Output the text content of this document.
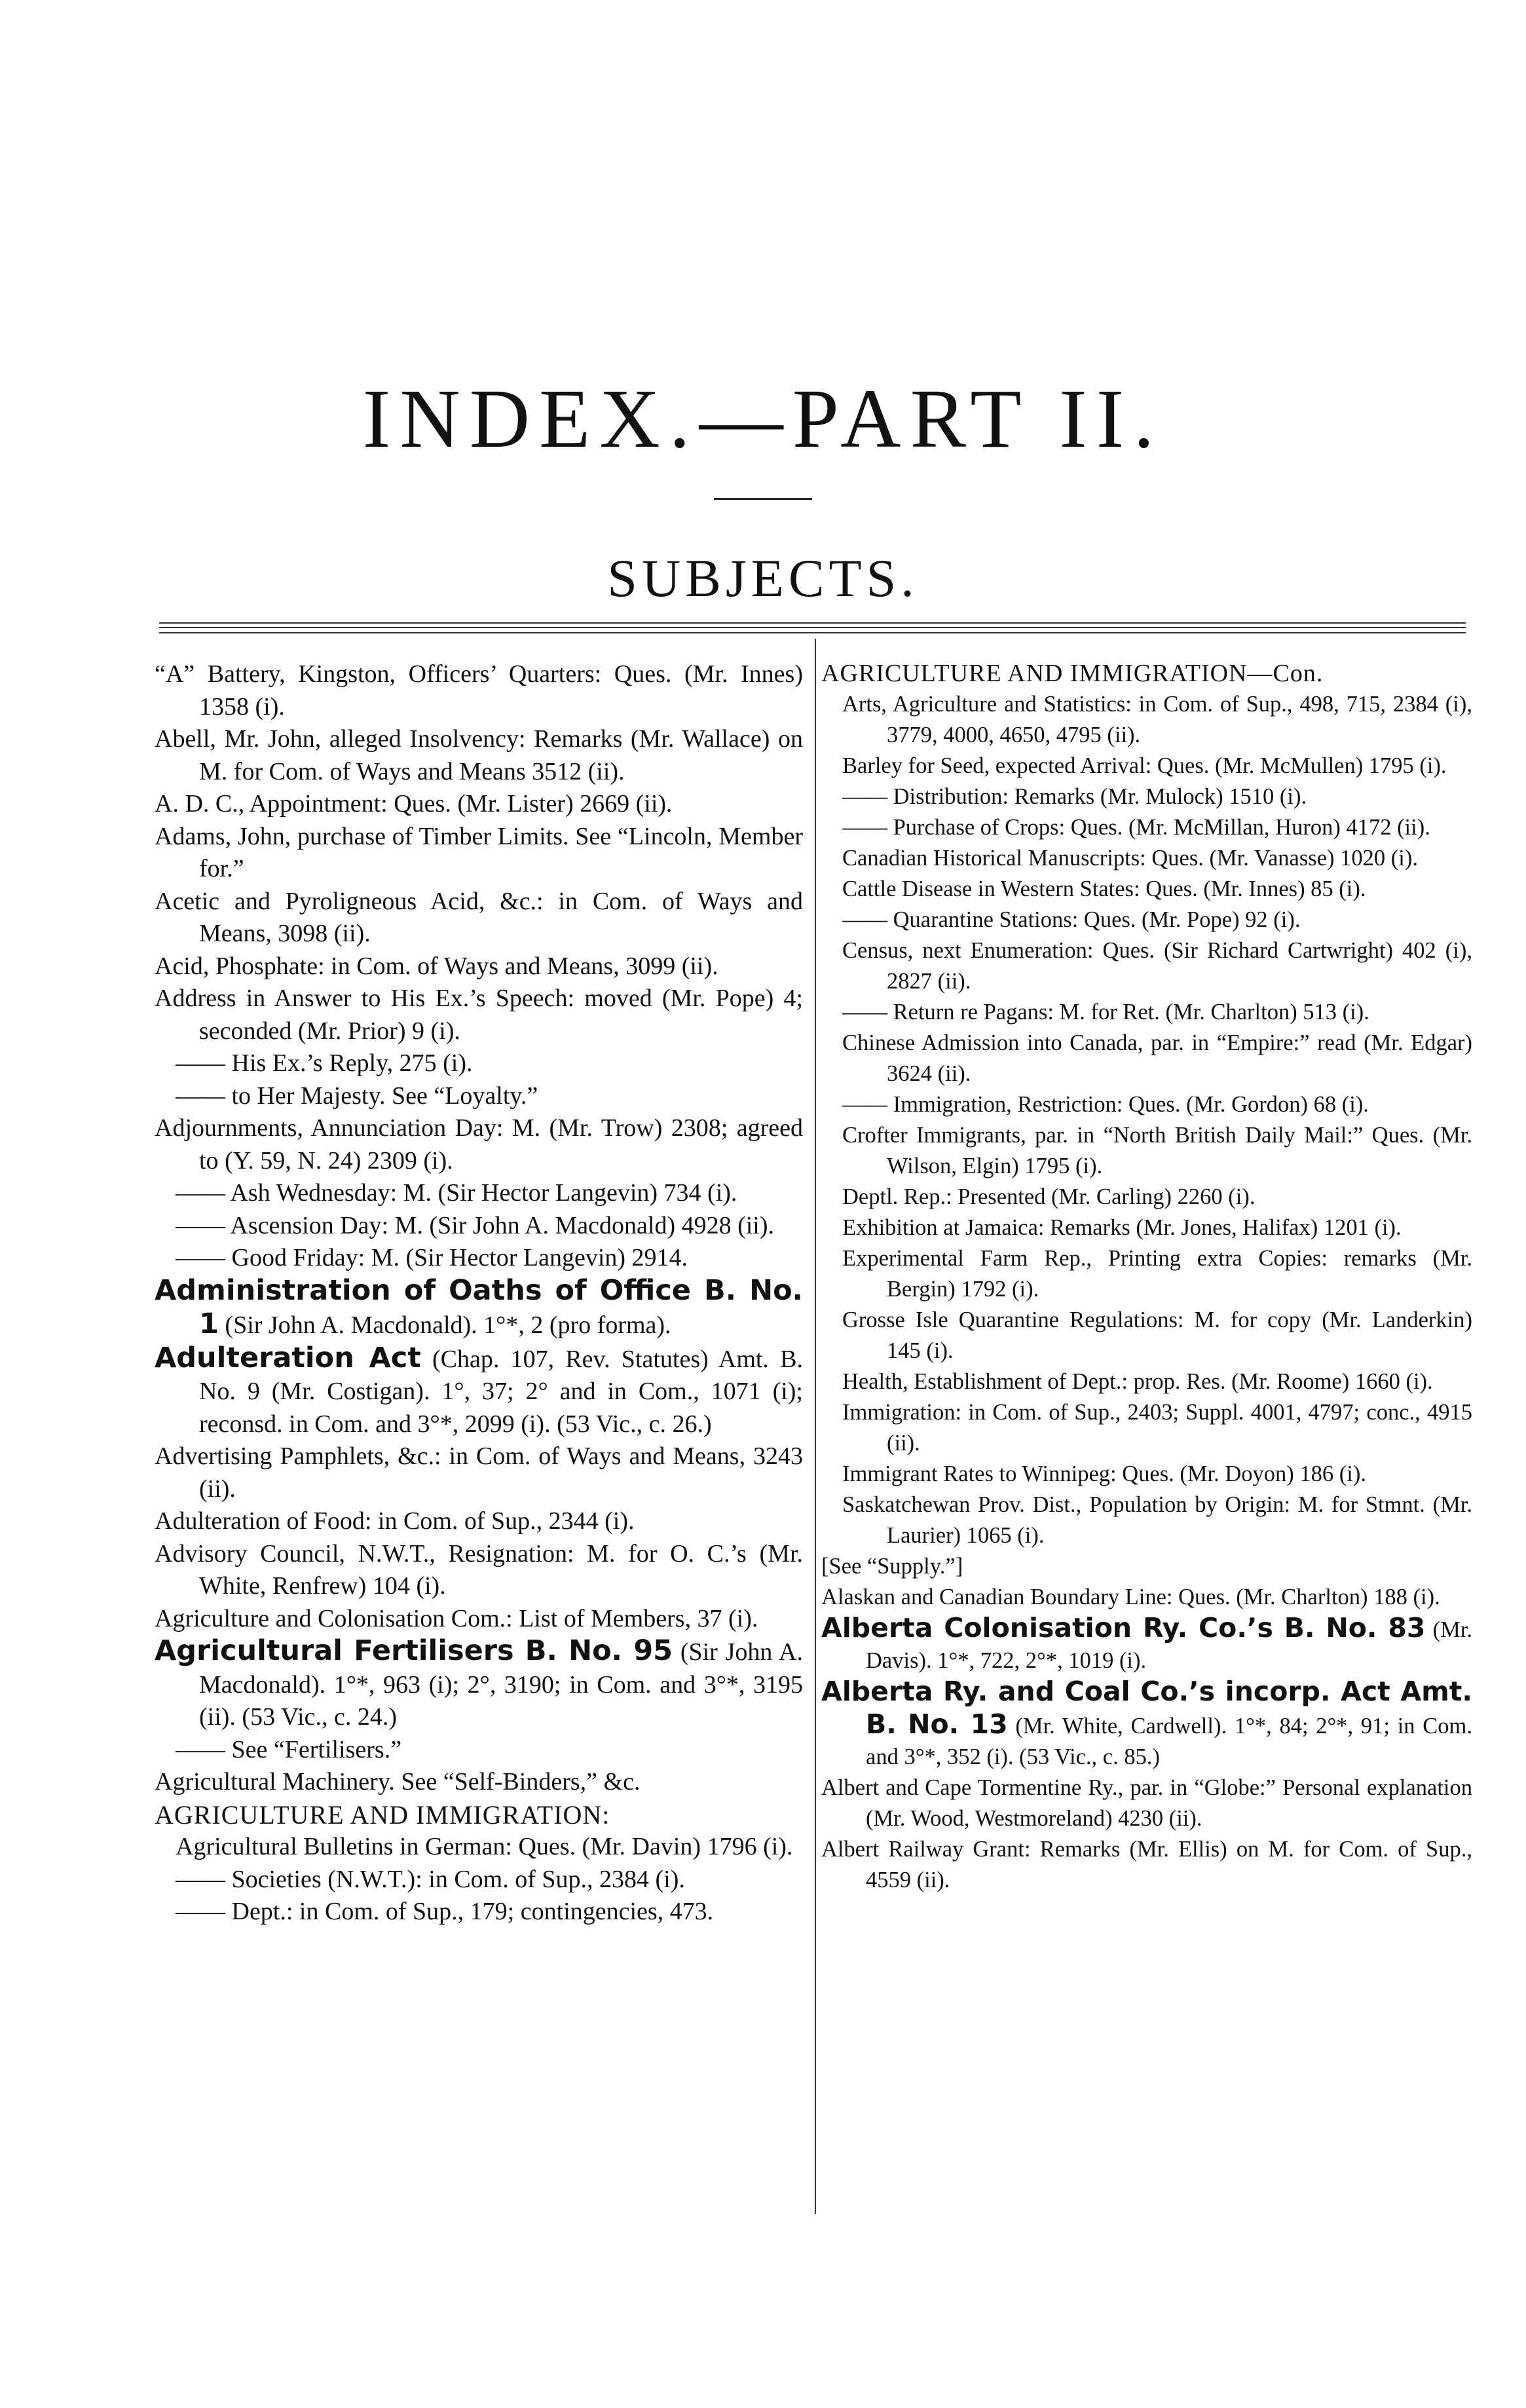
INDEX.—PART II.
SUBJECTS.

“A” Battery, Kingston, Officers’ Quarters: Ques. (Mr. Innes) 1358 (i).

Abell, Mr. John, alleged Insolvency: Remarks (Mr. Wallace) on M. for Com. of Ways and Means 3512 (ii).

A. D. C., Appointment: Ques. (Mr. Lister) 2669 (ii).

Adams, John, purchase of Timber Limits. See “Lincoln, Member for.”

Acetic and Pyroligneous Acid, &c.: in Com. of Ways and Means, 3098 (ii).

Acid, Phosphate: in Com. of Ways and Means, 3099 (ii).

Address in Answer to His Ex.’s Speech: moved (Mr. Pope) 4; seconded (Mr. Prior) 9 (i).

—— His Ex.’s Reply, 275 (i).

—— to Her Majesty. See “Loyalty.”

Adjournments, Annunciation Day: M. (Mr. Trow) 2308; agreed to (Y. 59, N. 24) 2309 (i).

—— Ash Wednesday: M. (Sir Hector Langevin) 734 (i).

—— Ascension Day: M. (Sir John A. Macdonald) 4928 (ii).

—— Good Friday: M. (Sir Hector Langevin) 2914.

Administration of Oaths of Office B. No. 1 (Sir John A. Macdonald). 1°*, 2 (pro forma).

Adulteration Act (Chap. 107, Rev. Statutes) Amt. B. No. 9 (Mr. Costigan). 1°, 37; 2° and in Com., 1071 (i); reconsd. in Com. and 3°*, 2099 (i). (53 Vic., c. 26.)

Advertising Pamphlets, &c.: in Com. of Ways and Means, 3243 (ii).

Adulteration of Food: in Com. of Sup., 2344 (i).

Advisory Council, N.W.T., Resignation: M. for O. C.’s (Mr. White, Renfrew) 104 (i).

Agriculture and Colonisation Com.: List of Members, 37 (i).

Agricultural Fertilisers B. No. 95 (Sir John A. Macdonald). 1°*, 963 (i); 2°, 3190; in Com. and 3°*, 3195 (ii). (53 Vic., c. 24.)

—— See “Fertilisers.”

Agricultural Machinery. See “Self-Binders,” &c.

AGRICULTURE AND IMMIGRATION:

Agricultural Bulletins in German: Ques. (Mr. Davin) 1796 (i).

—— Societies (N.W.T.): in Com. of Sup., 2384 (i).

—— Dept.: in Com. of Sup., 179; contingencies, 473.

AGRICULTURE AND IMMIGRATION—Con.

Arts, Agriculture and Statistics: in Com. of Sup., 498, 715, 2384 (i), 3779, 4000, 4650, 4795 (ii).

Barley for Seed, expected Arrival: Ques. (Mr. McMullen) 1795 (i).

—— Distribution: Remarks (Mr. Mulock) 1510 (i).

—— Purchase of Crops: Ques. (Mr. McMillan, Huron) 4172 (ii).

Canadian Historical Manuscripts: Ques. (Mr. Vanasse) 1020 (i).

Cattle Disease in Western States: Ques. (Mr. Innes) 85 (i).

—— Quarantine Stations: Ques. (Mr. Pope) 92 (i).

Census, next Enumeration: Ques. (Sir Richard Cartwright) 402 (i), 2827 (ii).

—— Return re Pagans: M. for Ret. (Mr. Charlton) 513 (i).

Chinese Admission into Canada, par. in “Empire:” read (Mr. Edgar) 3624 (ii).

—— Immigration, Restriction: Ques. (Mr. Gordon) 68 (i).

Crofter Immigrants, par. in “North British Daily Mail:” Ques. (Mr. Wilson, Elgin) 1795 (i).

Deptl. Rep.: Presented (Mr. Carling) 2260 (i).

Exhibition at Jamaica: Remarks (Mr. Jones, Halifax) 1201 (i).

Experimental Farm Rep., Printing extra Copies: remarks (Mr. Bergin) 1792 (i).

Grosse Isle Quarantine Regulations: M. for copy (Mr. Landerkin) 145 (i).

Health, Establishment of Dept.: prop. Res. (Mr. Roome) 1660 (i).

Immigration: in Com. of Sup., 2403; Suppl. 4001, 4797; conc., 4915 (ii).

Immigrant Rates to Winnipeg: Ques. (Mr. Doyon) 186 (i).

Saskatchewan Prov. Dist., Population by Origin: M. for Stmnt. (Mr. Laurier) 1065 (i).

[See “Supply.”]

Alaskan and Canadian Boundary Line: Ques. (Mr. Charlton) 188 (i).

Alberta Colonisation Ry. Co.’s B. No. 83 (Mr. Davis). 1°*, 722, 2°*, 1019 (i).

Alberta Ry. and Coal Co.’s incorp. Act Amt. B. No. 13 (Mr. White, Cardwell). 1°*, 84; 2°*, 91; in Com. and 3°*, 352 (i). (53 Vic., c. 85.)

Albert and Cape Tormentine Ry., par. in “Globe:” Personal explanation (Mr. Wood, Westmoreland) 4230 (ii).

Albert Railway Grant: Remarks (Mr. Ellis) on M. for Com. of Sup., 4559 (ii).
